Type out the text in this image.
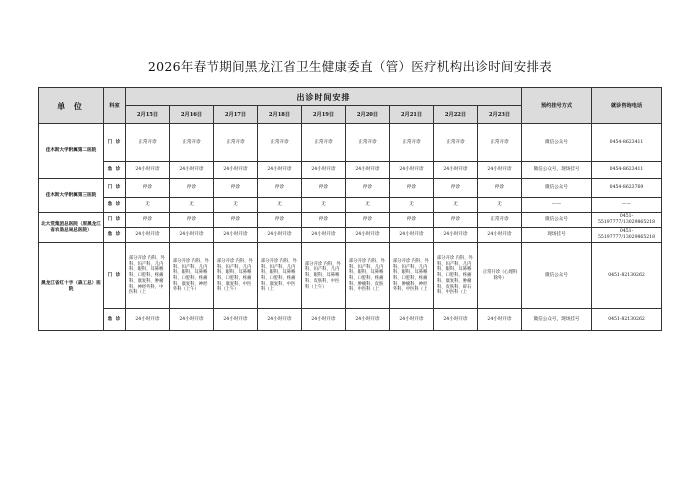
2026年春节期间黑龙江省卫生健康委直（管）医疗机构出诊时间安排表
单 位	科室	出诊时间安排									预约挂号方式	就诊咨询电话
		2月15日	2月16日	2月17日	2月18日	2月19日	2月20日	2月21日	2月22日	2月23日		
佳木斯大学附属第二医院	门 诊	正常开诊	正常开诊	正常开诊	正常开诊	正常开诊	正常开诊	正常开诊	正常开诊	正常开诊	微信公众号	0454-8623411
	急 诊	24小时开诊	24小时开诊	24小时开诊	24小时开诊	24小时开诊	24小时开诊	24小时开诊	24小时开诊	24小时开诊	微信公众号，现场挂号	0454-8623411
佳木斯大学附属第三医院	门 诊	停诊	停诊	停诊	停诊	停诊	停诊	停诊	停诊	停诊	微信公众号	0454-8623769
	急 诊	无	无	无	无	无	无	无	无	无	——	——
北大荒集团总医院（原黑龙江省农垦总局总医院）	门 诊	停诊	停诊	停诊	停诊	停诊	停诊	停诊	停诊	正常开诊	微信公众号	0451-55197777/13029865218
	急 诊	24小时开诊	24小时开诊	24小时开诊	24小时开诊	24小时开诊	24小时开诊	24小时开诊	24小时开诊	24小时开诊	现场挂号	0451-55197777/13029865218
黑龙江省红十字（森工总）医院	门 诊	部分开诊 内科、外科、妇产科、儿内科、眼科、耳鼻喉科、口腔科、疼痛科、康复科、肿瘤科、神经外科、中医科（上	部分开诊 内科、外科、妇产科、儿内科、眼科、耳鼻喉科、口腔科、疼痛科、康复科、神经外科（上午）	部分开诊 内科、外科、妇产科、儿内科、眼科、耳鼻喉科、口腔科、疼痛科、康复科、中医科（上午）	部分开诊 内科、外科、妇产科、儿内科、眼科、耳鼻喉科、口腔科、疼痛科、康复科、中医科（上	部分开诊 内科、外科、妇产科、儿内科、眼科、耳鼻喉科、皮肤科、中医科（上午）	部分开诊 内科、外科、妇产科、儿内科、眼科、耳鼻喉科、口腔科、疼痛科、肿瘤科、皮肤科、中医科（上	部分开诊 内科、外科、妇产科、儿内科、眼科、耳鼻喉科、口腔科、疼痛科、肿瘤科、神经外科、中医科（上	部分开诊 内科、外科、妇产科、儿内科、眼科、耳鼻喉科、口腔科、疼痛科、康复科、肿瘤科、皮肤科、碎石科、中医科（上	正常开诊（心理科除外）	微信公众号	0451-82130262
	急 诊	24小时开诊	24小时开诊	24小时开诊	24小时开诊	24小时开诊	24小时开诊	24小时开诊	24小时开诊	24小时开诊	微信公众号，现场挂号	0451-82130262
